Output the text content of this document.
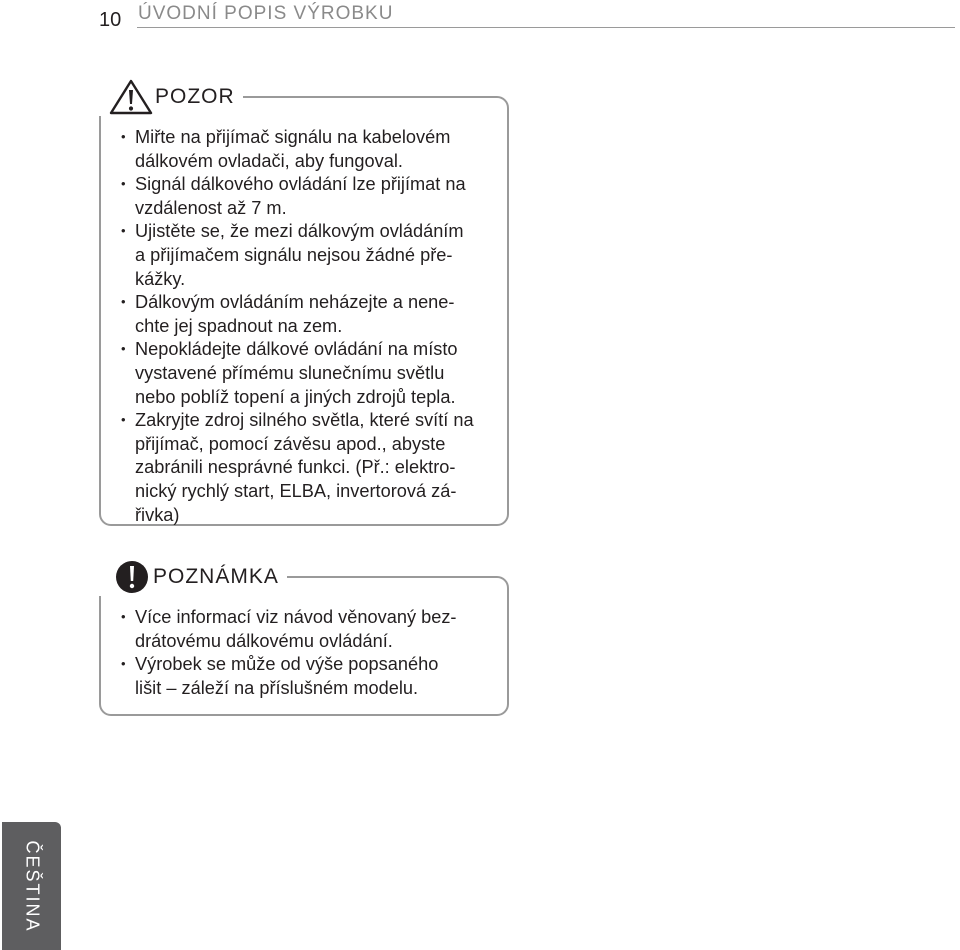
10 ÚVODNÍ POPIS VÝROBKU
POZOR
• Miřte na přijímač signálu na kabelovém
dálkovém ovladači, aby fungoval.
• Signál dálkového ovládání lze přijímat na
vzdálenost až 7 m.
• Ujistěte se, že mezi dálkovým ovládáním
a přijímačem signálu nejsou žádné pře-
kážky.
• Dálkovým ovládáním neházejte a nene-
chte jej spadnout na zem.
• Nepokládejte dálkové ovládání na místo
vystavené přímému slunečnímu světlu
nebo poblíž topení a jiných zdrojů tepla.
• Zakryjte zdroj silného světla, které svítí na
přijímač, pomocí závěsu apod., abyste
zabránili nesprávné funkci. (Př.: elektro-
nický rychlý start, ELBA, invertorová zá-
řivka)
POZNÁMKA
• Více informací viz návod věnovaný bez-
drátovému dálkovému ovládání.
• Výrobek se může od výše popsaného
lišit – záleží na příslušném modelu.
ČEŠTINA
